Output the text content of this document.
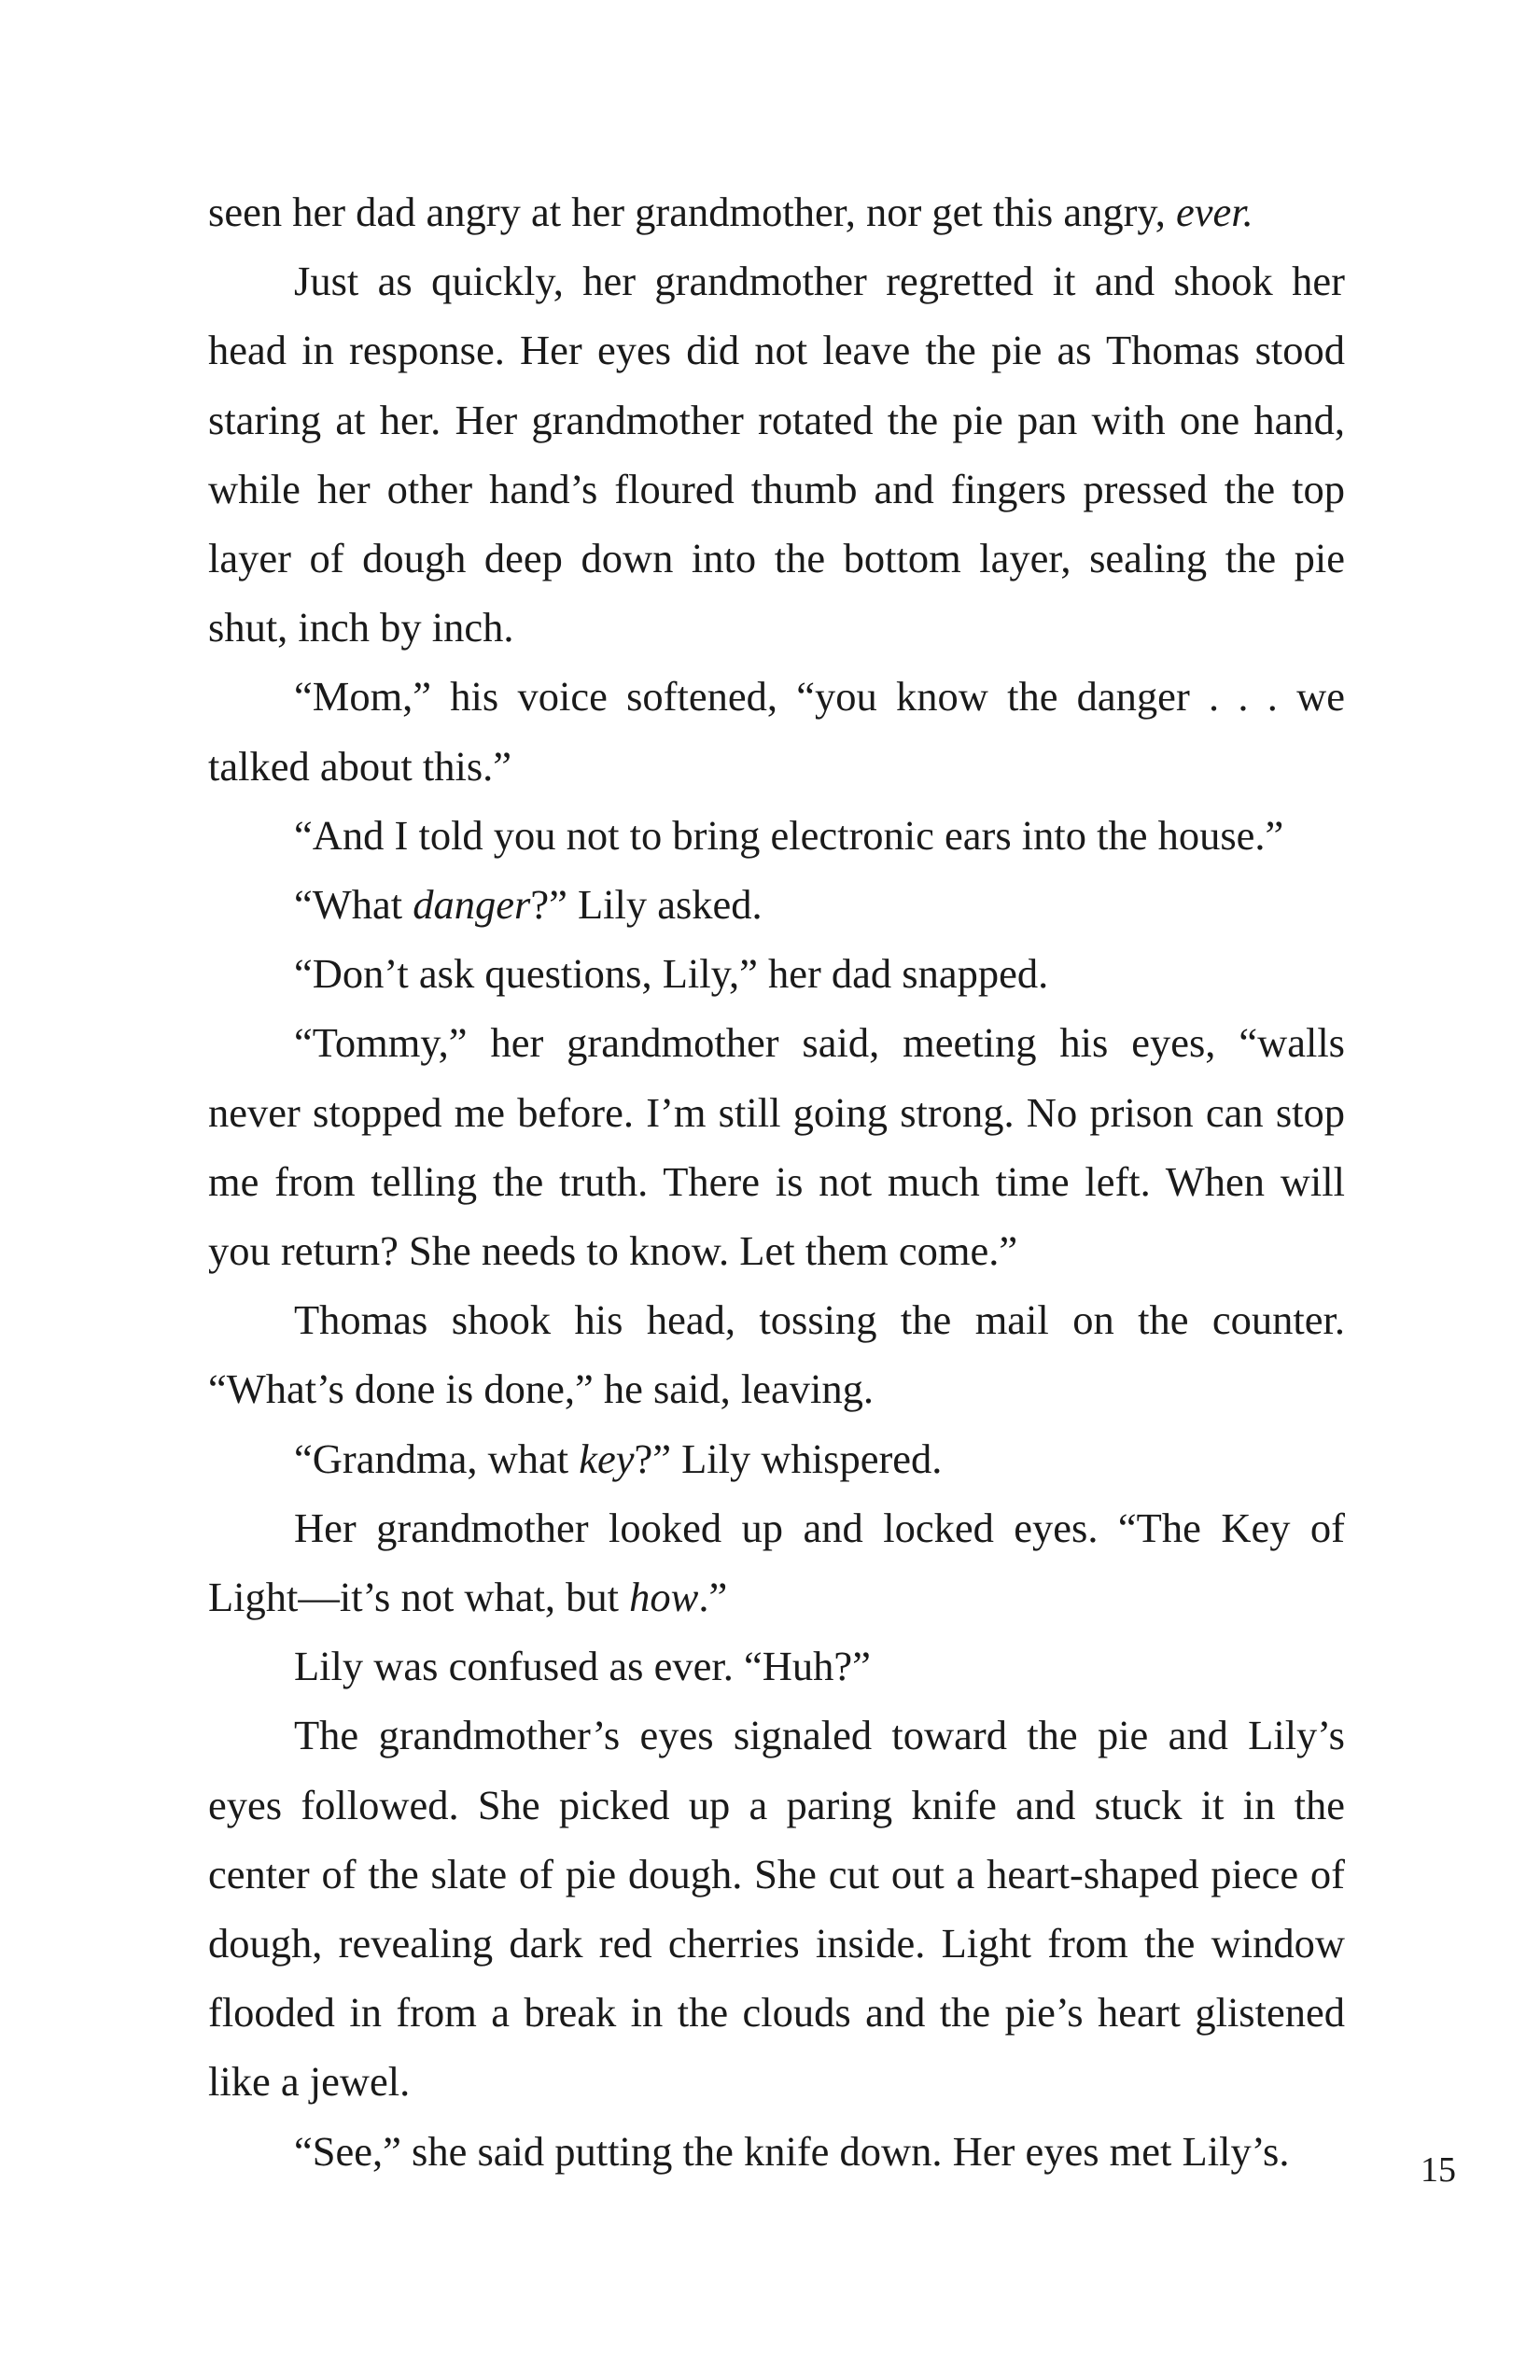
seen her dad angry at her grandmother, nor get this angry, ever.

Just as quickly, her grandmother regretted it and shook her head in response. Her eyes did not leave the pie as Thomas stood staring at her. Her grandmother rotated the pie pan with one hand, while her other hand’s floured thumb and fingers pressed the top layer of dough deep down into the bottom layer, sealing the pie shut, inch by inch.

“Mom,” his voice softened, “you know the danger . . . we talked about this.”

“And I told you not to bring electronic ears into the house.”

“What danger?” Lily asked.

“Don’t ask questions, Lily,” her dad snapped.

“Tommy,” her grandmother said, meeting his eyes, “walls never stopped me before. I’m still going strong. No prison can stop me from telling the truth. There is not much time left. When will you return? She needs to know. Let them come.”

Thomas shook his head, tossing the mail on the counter. “What’s done is done,” he said, leaving.

“Grandma, what key?” Lily whispered.

Her grandmother looked up and locked eyes. “The Key of Light—it’s not what, but how.”

Lily was confused as ever. “Huh?”

The grandmother’s eyes signaled toward the pie and Lily’s eyes followed. She picked up a paring knife and stuck it in the center of the slate of pie dough. She cut out a heart-shaped piece of dough, revealing dark red cherries inside. Light from the window flooded in from a break in the clouds and the pie’s heart glistened like a jewel.

“See,” she said putting the knife down. Her eyes met Lily’s.	15
